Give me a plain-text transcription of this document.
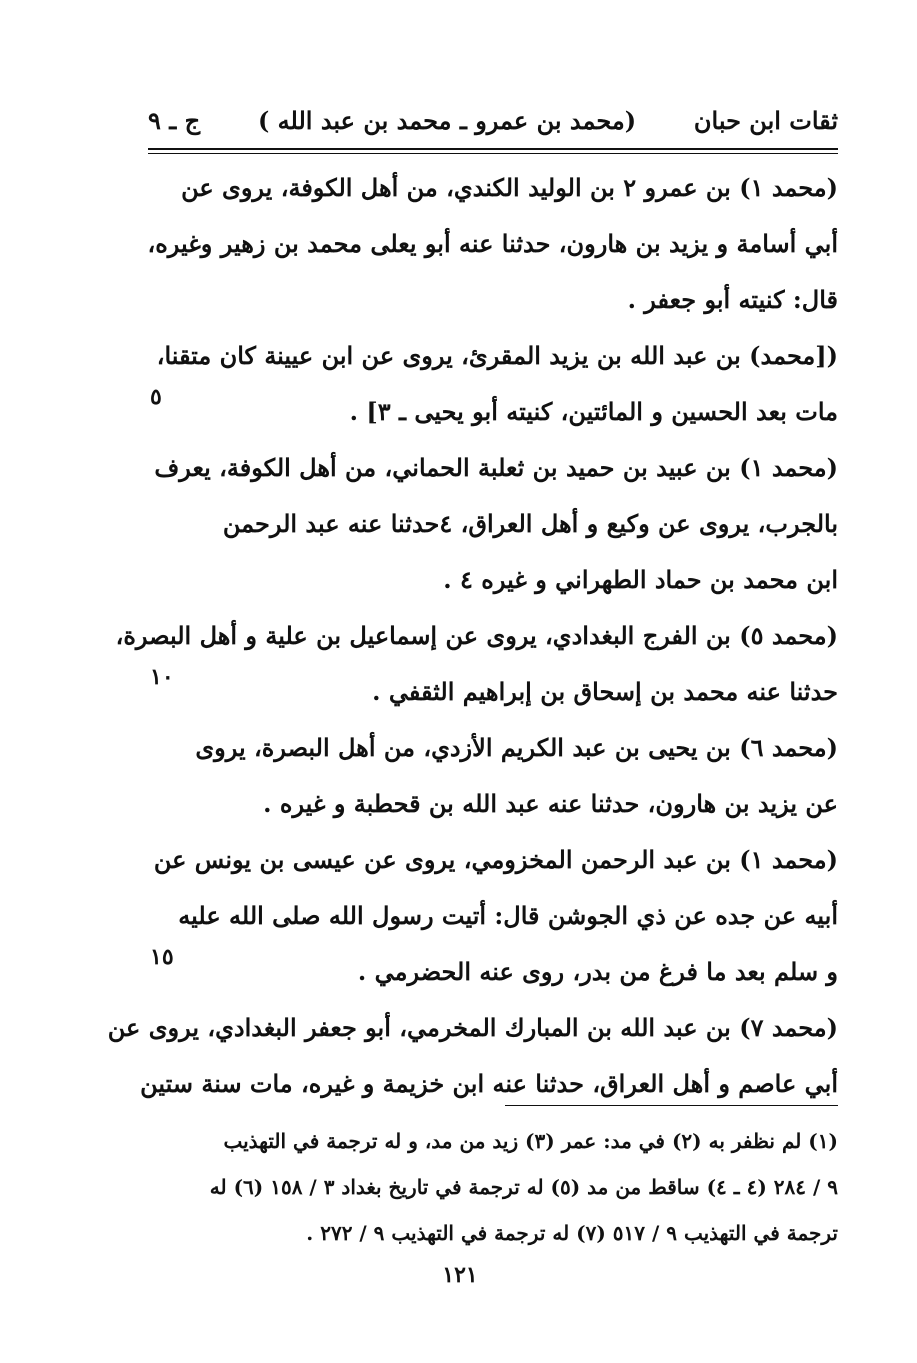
ثقات ابن حبان
(محمد بن عمرو ـ محمد بن عبد الله )
ج ـ ٩
(محمد ١) بن عمرو ٢ بن الوليد الكندي، من أهل الكوفة، يروى عن
أبي أسامة و يزيد بن هارون، حدثنا عنه أبو يعلى محمد بن زهير وغيره،
قال: كنيته أبو جعفر .
([محمد) بن عبد الله بن يزيد المقرئ، يروى عن ابن عيينة كان متقنا،
مات بعد الحسين و المائتين، كنيته أبو يحيى ـ ٣] .
(محمد ١) بن عبيد بن حميد بن ثعلبة الحماني، من أهل الكوفة، يعرف
بالجرب، يروى عن وكيع و أهل العراق، ٤حدثنا عنه عبد الرحمن
ابن محمد بن حماد الطهراني و غيره ٤ .
(محمد ٥) بن الفرج البغدادي، يروى عن إسماعيل بن علية و أهل البصرة،
حدثنا عنه محمد بن إسحاق بن إبراهيم الثقفي .
(محمد ٦) بن يحيى بن عبد الكريم الأزدي، من أهل البصرة، يروى
عن يزيد بن هارون، حدثنا عنه عبد الله بن قحطبة و غيره .
(محمد ١) بن عبد الرحمن المخزومي، يروى عن عيسى بن يونس عن
أبيه عن جده عن ذي الجوشن قال: أتيت رسول الله صلى الله عليه
و سلم بعد ما فرغ من بدر، روى عنه الحضرمي .
(محمد ٧) بن عبد الله بن المبارك المخرمي، أبو جعفر البغدادي، يروى عن
أبي عاصم و أهل العراق، حدثنا عنه ابن خزيمة و غيره، مات سنة ستين
٥
١٠
١٥
(١) لم نظفر به (٢) في مد: عمر (٣) زيد من مد، و له ترجمة في التهذيب
٩ / ٢٨٤ (٤ ـ ٤) ساقط من مد (٥) له ترجمة في تاريخ بغداد ٣ / ١٥٨ (٦) له
ترجمة في التهذيب ٩ / ٥١٧ (٧) له ترجمة في التهذيب ٩ / ٢٧٢ .
١٢١
